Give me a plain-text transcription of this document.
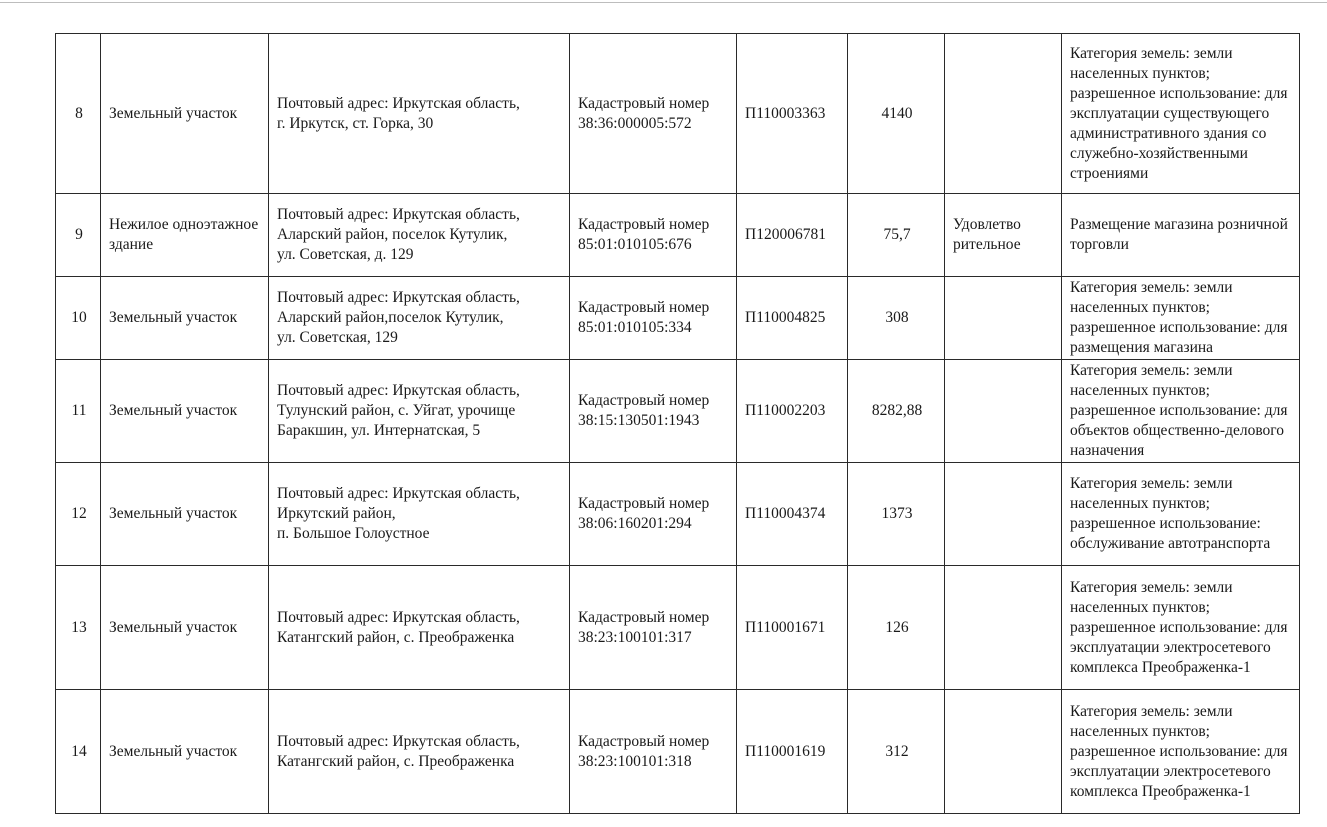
8	Земельный участок	Почтовый адрес: Иркутская область,
г. Иркутск, ст. Горка, 30	Кадастровый номер
38:36:000005:572	П110003363	4140		Категория земель: земли населенных пунктов; разрешенное использование: для эксплуатации существующего административного здания со служебно-хозяйственными строениями
9	Нежилое одноэтажное здание	Почтовый адрес: Иркутская область,
Аларский район, поселок Кутулик,
ул. Советская, д. 129	Кадастровый номер
85:01:010105:676	П120006781	75,7	Удовлетво
рительное	Размещение магазина розничной торговли
10	Земельный участок	Почтовый адрес: Иркутская область,
Аларский район,поселок Кутулик,
ул. Советская, 129	Кадастровый номер
85:01:010105:334	П110004825	308		Категория земель: земли населенных пунктов; разрешенное использование: для размещения магазина
11	Земельный участок	Почтовый адрес: Иркутская область,
Тулунский район, с. Уйгат, урочище
Баракшин, ул. Интернатская, 5	Кадастровый номер
38:15:130501:1943	П110002203	8282,88		Категория земель: земли населенных пунктов; разрешенное использование: для объектов общественно-делового назначения
12	Земельный участок	Почтовый адрес: Иркутская область,
Иркутский район,
п. Большое Голоустное	Кадастровый номер
38:06:160201:294	П110004374	1373		Категория земель: земли населенных пунктов; разрешенное использование: обслуживание автотранспорта
13	Земельный участок	Почтовый адрес: Иркутская область,
Катангский район, с. Преображенка	Кадастровый номер
38:23:100101:317	П110001671	126		Категория земель: земли населенных пунктов; разрешенное использование: для эксплуатации электросетевого комплекса Преображенка-1
14	Земельный участок	Почтовый адрес: Иркутская область,
Катангский район, с. Преображенка	Кадастровый номер
38:23:100101:318	П110001619	312		Категория земель: земли населенных пунктов; разрешенное использование: для эксплуатации электросетевого комплекса Преображенка-1
